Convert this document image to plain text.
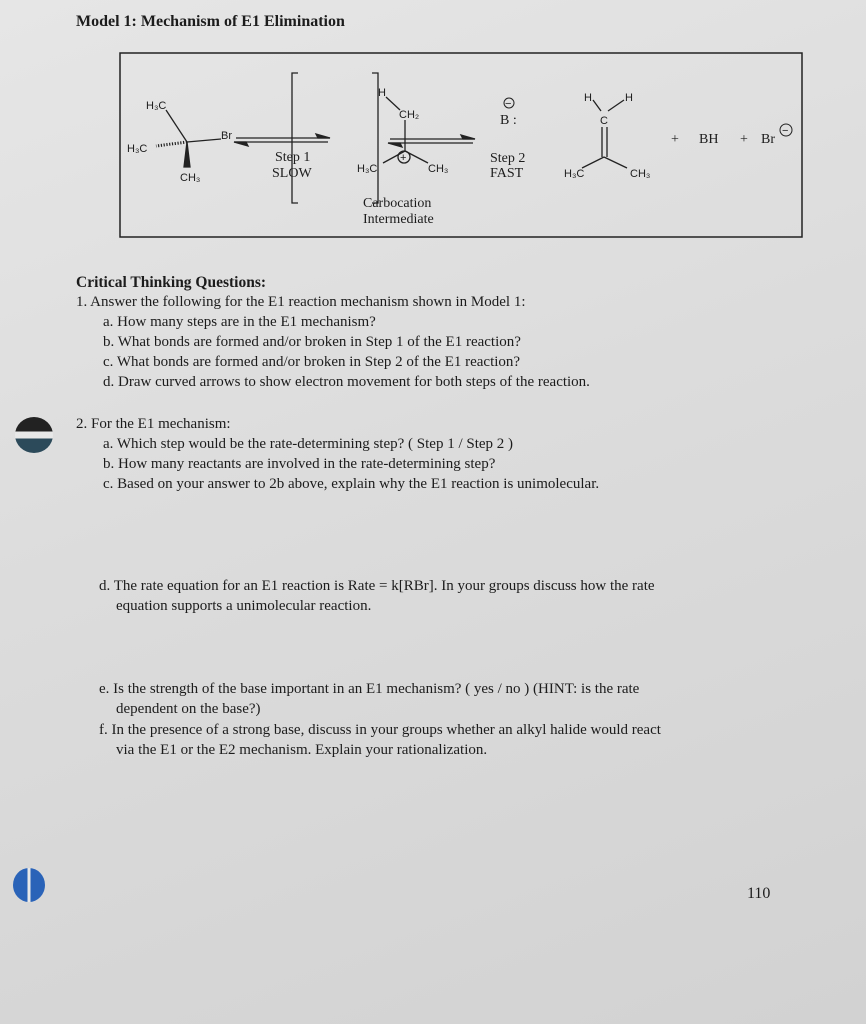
Model 1: Mechanism of E1 Elimination
H₃C
H₃C
Br
CH₃
Step 1
SLOW
H
CH₂
+
H₃C	CH₃
Carbocation
Intermediate
−
B :
Step 2
FAST
H	H
C
H₃C	CH₃
+ BH + Br
−
Critical Thinking Questions:
1. Answer the following for the E1 reaction mechanism shown in Model 1:
a. How many steps are in the E1 mechanism?
b. What bonds are formed and/or broken in Step 1 of the E1 reaction?
c. What bonds are formed and/or broken in Step 2 of the E1 reaction?
d. Draw curved arrows to show electron movement for both steps of the reaction.
2. For the E1 mechanism:
a. Which step would be the rate-determining step? ( Step 1 / Step 2 )
b. How many reactants are involved in the rate-determining step?
c. Based on your answer to 2b above, explain why the E1 reaction is unimolecular.
d. The rate equation for an E1 reaction is Rate = k[RBr]. In your groups discuss how the rate
equation supports a unimolecular reaction.
e. Is the strength of the base important in an E1 mechanism? ( yes / no ) (HINT: is the rate
dependent on the base?)
f. In the presence of a strong base, discuss in your groups whether an alkyl halide would react
via the E1 or the E2 mechanism. Explain your rationalization.
110
